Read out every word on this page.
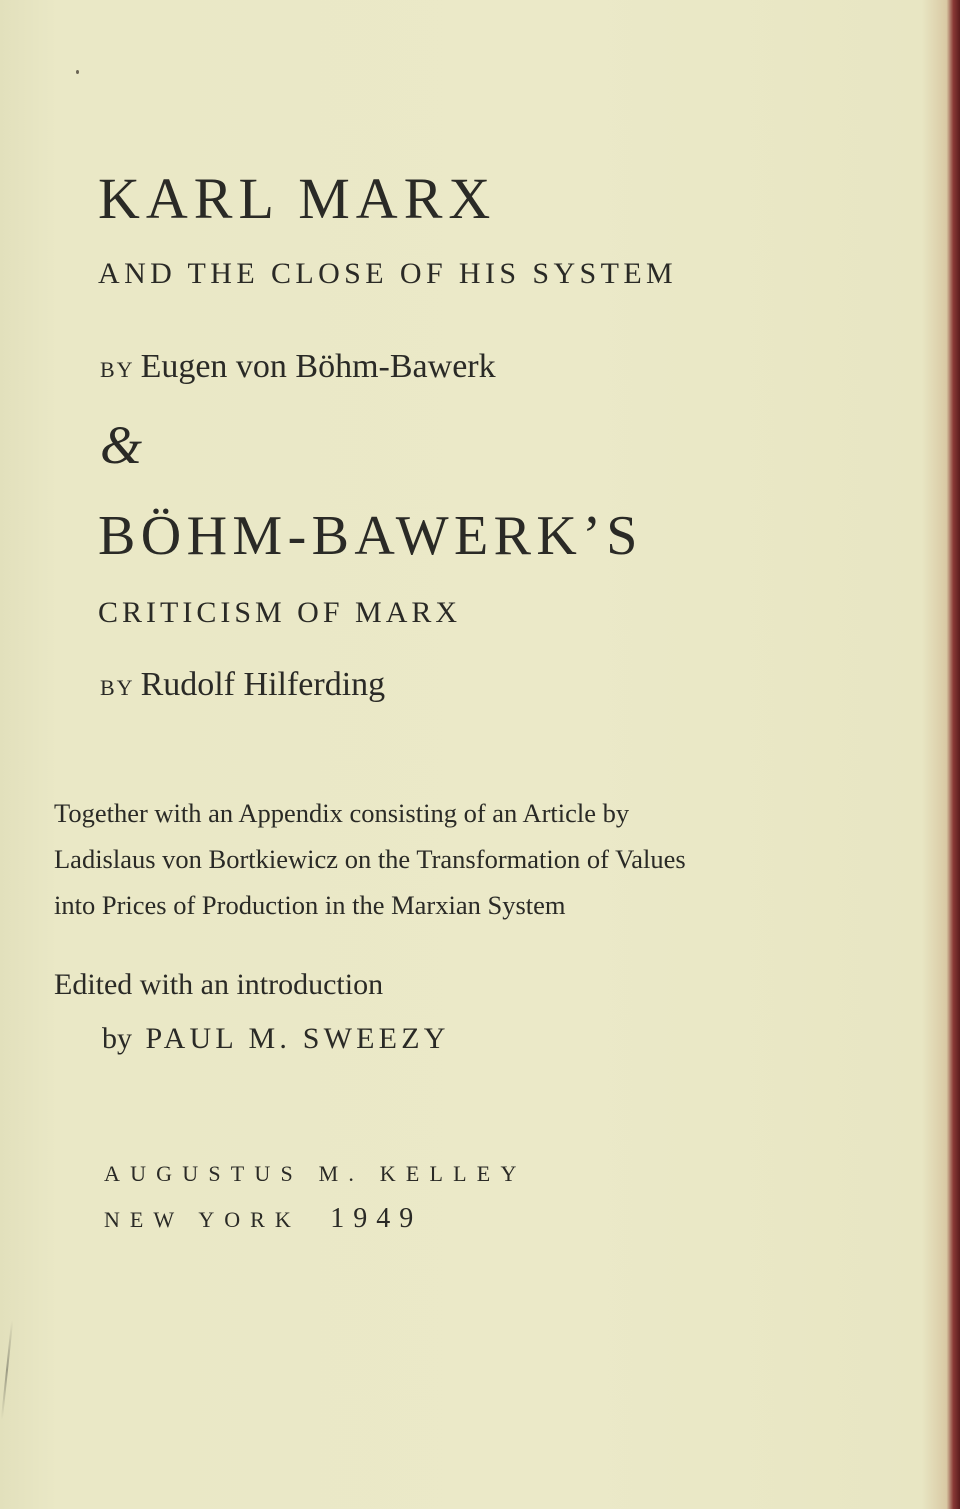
KARL MARX
AND THE CLOSE OF HIS SYSTEM
BY Eugen von Böhm-Bawerk
&
BÖHM-BAWERK’S
CRITICISM OF MARX
BY Rudolf Hilferding
Together with an Appendix consisting of an Article by
Ladislaus von Bortkiewicz on the Transformation of Values
into Prices of Production in the Marxian System
Edited with an introduction
by PAUL M. SWEEZY
AUGUSTUS M. KELLEY
NEW YORK 1949
